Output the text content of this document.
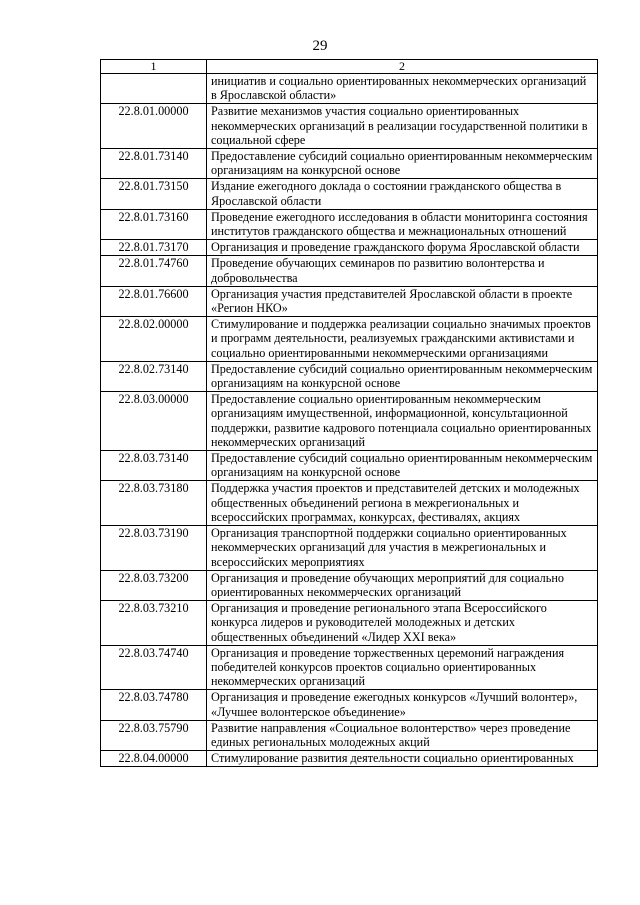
29
1	2
	инициатив и социально ориентированных некоммерческих организаций в Ярославской области»
22.8.01.00000	Развитие механизмов участия социально ориентированных некоммерческих организаций в реализации государственной политики в социальной сфере
22.8.01.73140	Предоставление субсидий социально ориентированным некоммерческим организациям на конкурсной основе
22.8.01.73150	Издание ежегодного доклада о состоянии гражданского общества в Ярославской области
22.8.01.73160	Проведение ежегодного исследования в области мониторинга состояния институтов гражданского общества и межнациональных отношений
22.8.01.73170	Организация и проведение гражданского форума Ярославской области
22.8.01.74760	Проведение обучающих семинаров по развитию волонтерства и добровольчества
22.8.01.76600	Организация участия представителей Ярославской области в проекте «Регион НКО»
22.8.02.00000	Стимулирование и поддержка реализации социально значимых проектов и программ деятельности, реализуемых гражданскими активистами и социально ориентированными некоммерческими организациями
22.8.02.73140	Предоставление субсидий социально ориентированным некоммерческим организациям на конкурсной основе
22.8.03.00000	Предоставление социально ориентированным некоммерческим организациям имущественной, информационной, консультационной поддержки, развитие кадрового потенциала социально ориентированных некоммерческих организаций
22.8.03.73140	Предоставление субсидий социально ориентированным некоммерческим организациям на конкурсной основе
22.8.03.73180	Поддержка участия проектов и представителей детских и молодежных общественных объединений региона в межрегиональных и всероссийских программах, конкурсах, фестивалях, акциях
22.8.03.73190	Организация транспортной поддержки социально ориентированных некоммерческих организаций для участия в межрегиональных и всероссийских мероприятиях
22.8.03.73200	Организация и проведение обучающих мероприятий для социально ориентированных некоммерческих организаций
22.8.03.73210	Организация и проведение регионального этапа Всероссийского конкурса лидеров и руководителей молодежных и детских общественных объединений «Лидер XXI века»
22.8.03.74740	Организация и проведение торжественных церемоний награждения победителей конкурсов проектов социально ориентированных некоммерческих организаций
22.8.03.74780	Организация и проведение ежегодных конкурсов «Лучший волонтер», «Лучшее волонтерское объединение»
22.8.03.75790	Развитие направления «Социальное волонтерство» через проведение единых региональных молодежных акций
22.8.04.00000	Стимулирование развития деятельности социально ориентированных
